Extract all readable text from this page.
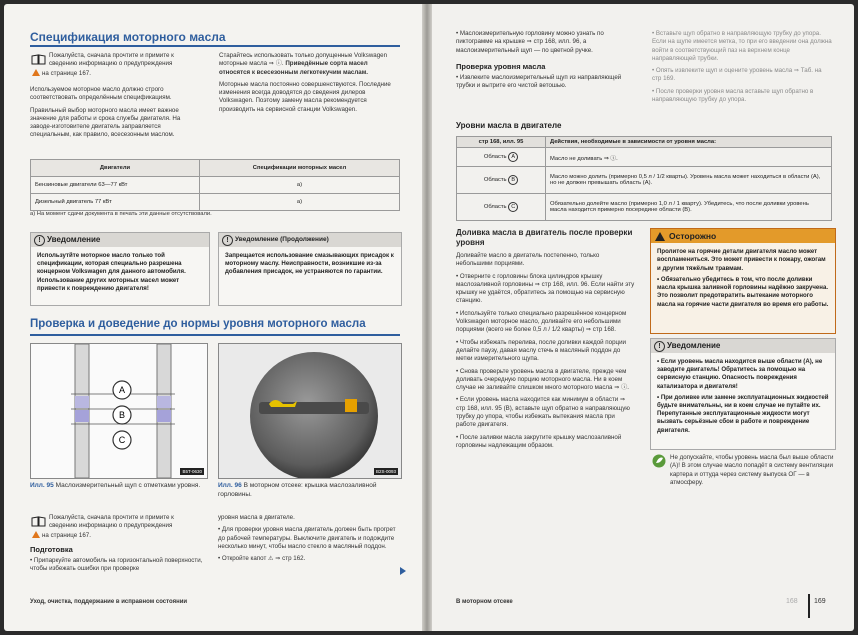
Спецификация моторного масла
Пожалуйста, сначала прочтите и примите к сведению информацию о предупреждения
на странице 167.

Используемое моторное масло должно строго соответствовать определённым спецификациям.

Правильный выбор моторного масла имеет важное значение для работы и срока службы двигателя. На заводе-изготовителе двигатель заправляется специальным, как правило, всесезонным маслом.

Старайтесь использовать только допущенные Volkswagen моторные масла ⇒ ⓘ. Приведённые сорта масел относятся к всесезонным легкотекучим маслам.

Моторные масла постоянно совершенствуются. Последние изменения всегда доводятся до сведения дилеров Volkswagen. Поэтому замену масла рекомендуется производить на сервисной станции Volkswagen.

Двигатели	Спецификации моторных масел
Бензиновые двигатели 63—77 кВт	a)
Дизельный двигатель 77 кВт	a)
a) На момент сдачи документа в печать эти данные отсутствовали.
! Уведомление
Использутйте моторное масло только той спецификации, которая специально разрешена концерном Volkswagen для данного автомобиля. Использование других моторных масел может привести к повреждению двигателя!
! Уведомление (Продолжение)
Запрещается использование смазывающих присадок к моторному маслу. Неисправности, возникшие из-за добавления присадок, не устраняются по гарантии.
Проверка и доведение до нормы уровня моторного масла
A
B
C
B5T-0630
Илл. 95 Маслоизмерительный щуп с отметками уровня.
B2S-0093
Илл. 96 В моторном отсеке: крышка маслозаливной горловины.
Пожалуйста, сначала прочтите и примите к сведению информацию о предупреждения
на странице 167.
Подготовка
• Припаркуйте автомобиль на горизонтальной поверхности, чтобы избежать ошибки при проверке

уровня масла в двигателе.

• Для проверки уровня масла двигатель должен быть прогрет до рабочей температуры. Выключите двигатель и подождите несколько минут, чтобы масло стекло в масляный поддон.

• Откройте капот ⚠ ⇒ стр 162.

Уход, очистка, поддержание в исправном состоянии

• Маслоизмерительную горловину можно узнать по пиктограмме на крышке ⇒ стр 168, илл. 96, а маслоизмерительный щуп — по цветной ручке.

Проверка уровня масла
• Извлеките маслоизмерительный щуп из направляющей трубки и вытрите его чистой ветошью.

• Вставьте щуп обратно в направляющую трубку до упора. Если на щупе имеется метка, то при его введении она должна войти в соответствующий паз на верхнем конце направляющей трубки.

• Опять извлеките щуп и оцените уровень масла ⇒ Таб. на стр 169.

• После проверки уровня масла вставьте щуп обратно в направляющую трубку до упора.

Уровни масла в двигателе
стр 168, илл. 95	Действия, необходимые в зависимости от уровня масла:
Область A	Масло не доливать ⇒ ⓘ.
Область B	Масло можно долить (примерно 0,5 л / 1/2 кварты). Уровень масла может находиться в области (A), но не должен превышать область (A).
Область C	Обязательно долейте масло (примерно 1,0 л / 1 кварту). Убедитесь, что после доливки уровень масла находится примерно посередине области (B).
Доливка масла в двигатель после проверки уровня

Доливайте масло в двигатель постепенно, только небольшими порциями.

• Отверните с горловины блока цилиндров крышку маслозаливной горловины ⇒ стр 168, илл. 96. Если найти эту крышку не удаётся, обратитесь за помощью на сервисную станцию.

• Используйте только специально разрешённое концерном Volkswagen моторное масло, доливайте его небольшими порциями (всего не более 0,5 л / 1/2 кварты) ⇒ стр 168.

• Чтобы избежать перелива, после доливки каждой порции делайте паузу, давая маслу стечь в масляный поддон до метки измерительного щупа.

• Снова проверьте уровень масла в двигателе, прежде чем доливать очередную порцию моторного масла. Ни в коем случае не заливайте слишком много моторного масла ⇒ ⓘ.

• Если уровень масла находится как минимум в области ⇒ стр 168, илл. 95 (B), вставьте щуп обратно в направляющую трубку до упора, чтобы избежать вытекания масла при работе двигателя.

• После заливки масла закрутите крышку маслозаливной горловины надлежащим образом.

Осторожно
Пролитое на горячие детали двигателя масло может воспламениться. Это может привести к пожару, ожогам и другим тяжёлым травмам.
• Обязательно убедитесь в том, что после доливки масла крышка заливной горловины надёжно закручена. Это позволит предотвратить вытекание моторного масла на горячие части двигателя во время его работы.
! Уведомление
• Если уровень масла находится выше области (A), не заводите двигатель! Обратитесь за помощью на сервисную станцию. Опасность повреждения катализатора и двигателя!
• При доливке или замене эксплуатационных жидкостей будьте внимательны, ни в коем случае не путайте их. Перепутанные эксплуатационные жидкости могут вызвать серьёзные сбои в работе и повреждение двигателя.
Не допускайте, чтобы уровень масла был выше области (A)! В этом случае масло попадёт в систему вентиляции картера и оттуда через систему выпуска ОГ — в атмосферу.
В моторном отсеке	168 169
